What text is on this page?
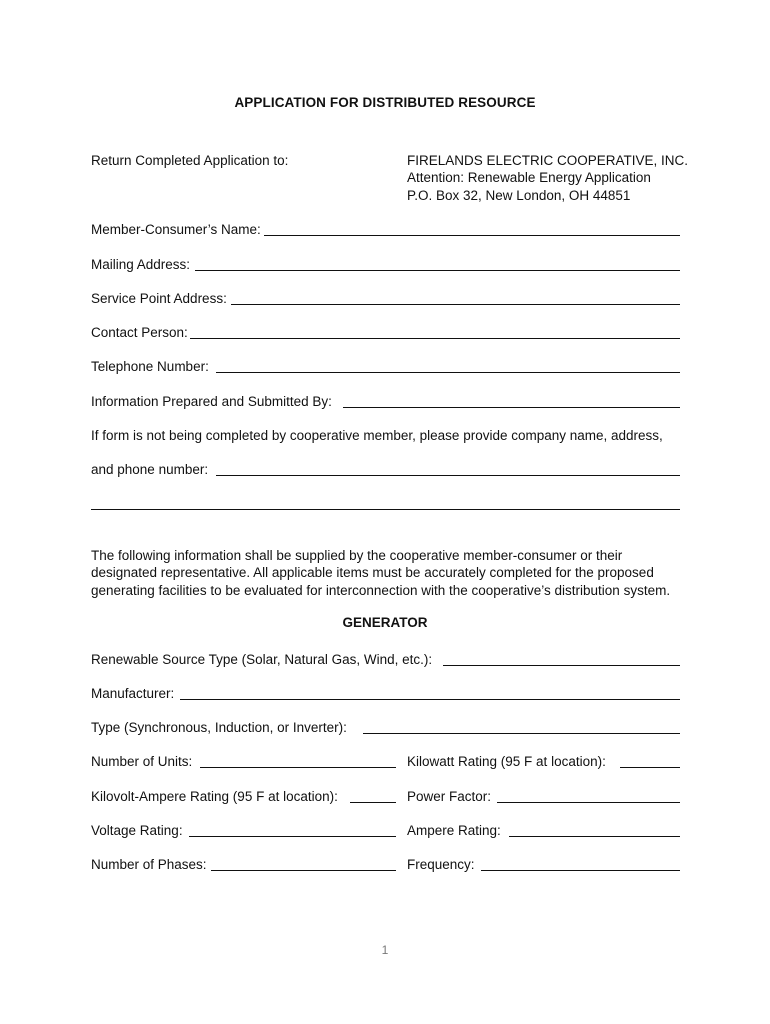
APPLICATION FOR DISTRIBUTED RESOURCE
Return Completed Application to:	FIRELANDS ELECTRIC COOPERATIVE, INC.
Attention: Renewable Energy Application
P.O. Box 32, New London, OH 44851
Member-Consumer’s Name:
Mailing Address:
Service Point Address:
Contact Person:
Telephone Number:
Information Prepared and Submitted By:
If form is not being completed by cooperative member, please provide company name, address,
and phone number:
The following information shall be supplied by the cooperative member-consumer or their designated representative. All applicable items must be accurately completed for the proposed generating facilities to be evaluated for interconnection with the cooperative’s distribution system.
GENERATOR
Renewable Source Type (Solar, Natural Gas, Wind, etc.):
Manufacturer:
Type (Synchronous, Induction, or Inverter):
Number of Units:	Kilowatt Rating (95 F at location):
Kilovolt-Ampere Rating (95 F at location):	Power Factor:
Voltage Rating:	Ampere Rating:
Number of Phases:	Frequency:
1
